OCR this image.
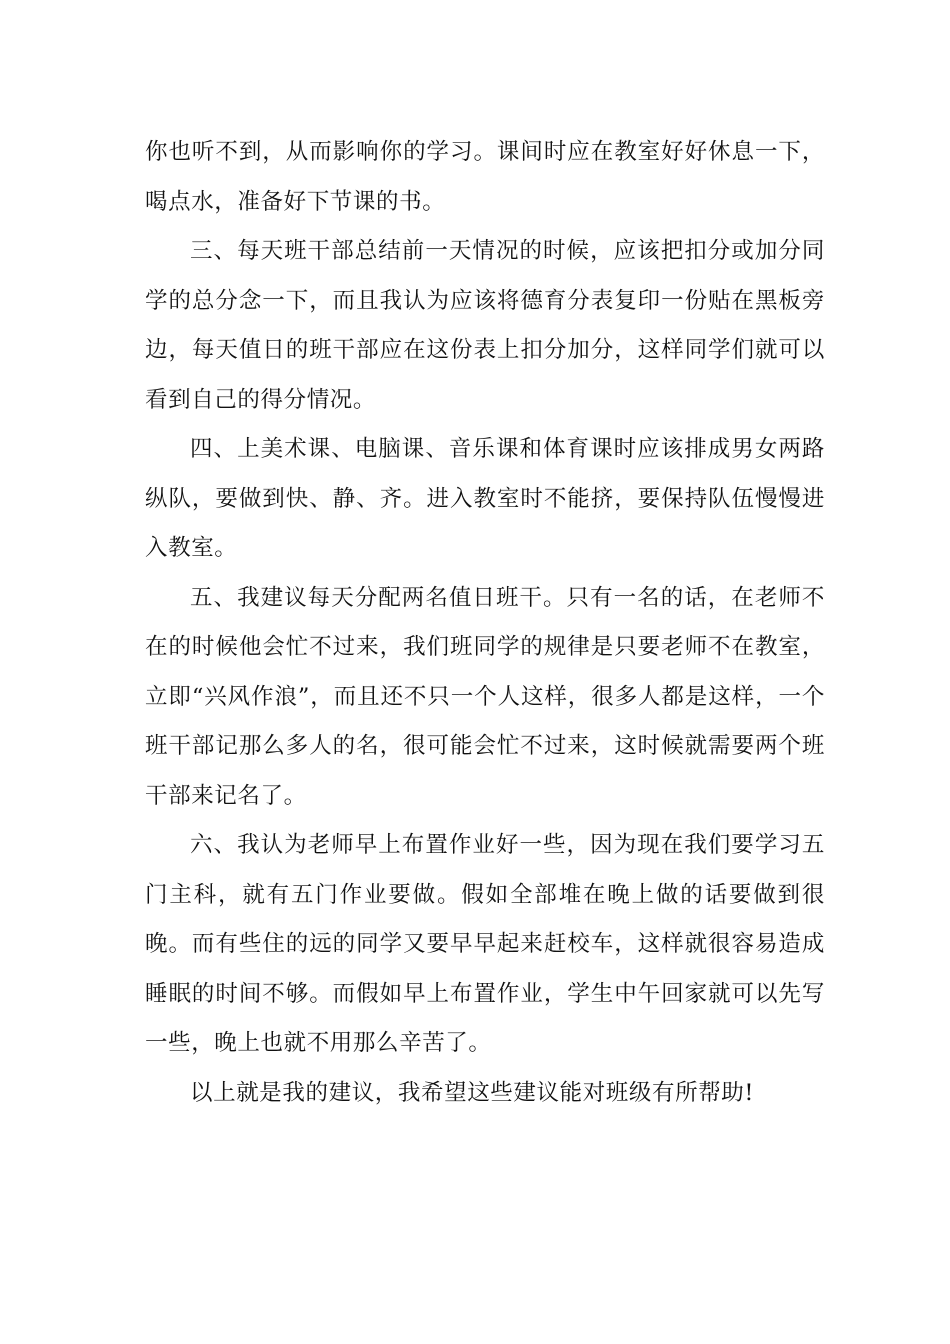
你也听不到，从而影响你的学习。课间时应在教室好好休息一下，喝点水，准备好下节课的书。

三、每天班干部总结前一天情况的时候，应该把扣分或加分同学的总分念一下，而且我认为应该将德育分表复印一份贴在黑板旁边，每天值日的班干部应在这份表上扣分加分，这样同学们就可以看到自己的得分情况。

四、上美术课、电脑课、音乐课和体育课时应该排成男女两路纵队，要做到快、静、齐。进入教室时不能挤，要保持队伍慢慢进入教室。

五、我建议每天分配两名值日班干。只有一名的话，在老师不在的时候他会忙不过来，我们班同学的规律是只要老师不在教室，立即“兴风作浪”，而且还不只一个人这样，很多人都是这样，一个班干部记那么多人的名，很可能会忙不过来，这时候就需要两个班干部来记名了。

六、我认为老师早上布置作业好一些，因为现在我们要学习五门主科，就有五门作业要做。假如全部堆在晚上做的话要做到很晚。而有些住的远的同学又要早早起来赶校车，这样就很容易造成睡眠的时间不够。而假如早上布置作业，学生中午回家就可以先写一些，晚上也就不用那么辛苦了。

以上就是我的建议，我希望这些建议能对班级有所帮助!
